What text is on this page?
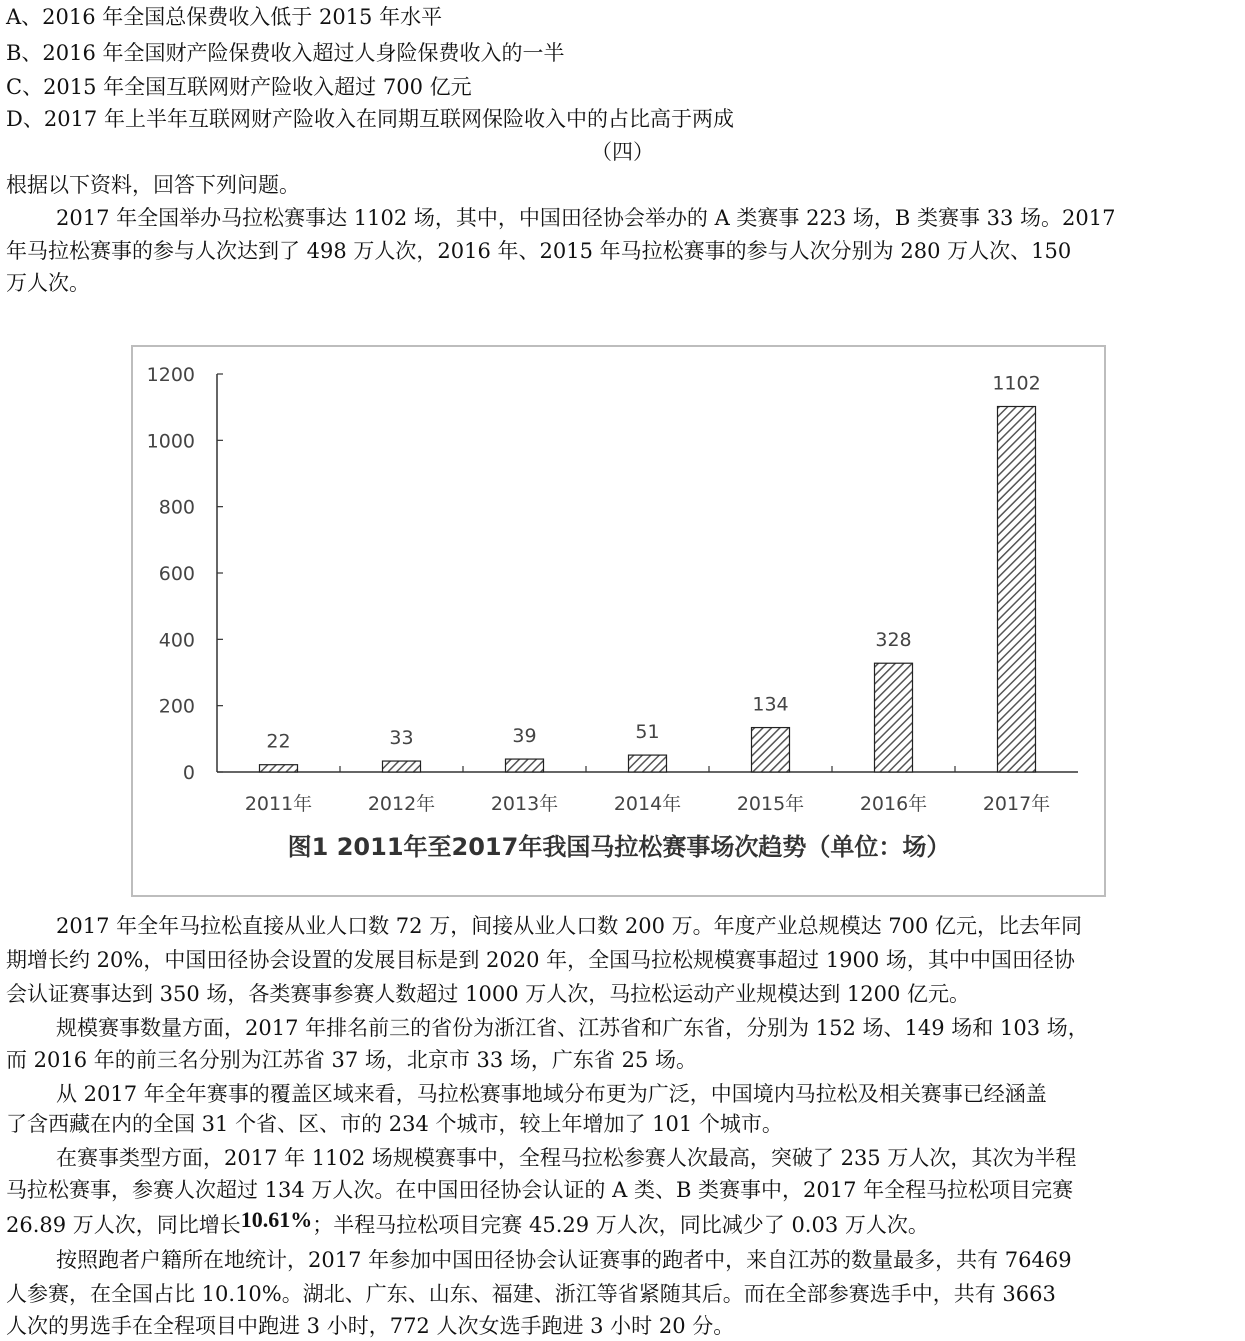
A、2016 年全国总保费收入低于 2015 年水平
B、2016 年全国财产险保费收入超过人身险保费收入的一半
C、2015 年全国互联网财产险收入超过 700 亿元
D、2017 年上半年互联网财产险收入在同期互联网保险收入中的占比高于两成
（四）
根据以下资料，回答下列问题。
2017 年全国举办马拉松赛事达 1102 场，其中，中国田径协会举办的 A 类赛事 223 场，B 类赛事 33 场。2017
年马拉松赛事的参与人次达到了 498 万人次，2016 年、2015 年马拉松赛事的参与人次分别为 280 万人次、150
万人次。
0
200
400
600
800
1000
1200
22
2011年
33
2012年
39
2013年
51
2014年
134
2015年
328
2016年
1102
2017年
图1 2011年至2017年我国马拉松赛事场次趋势（单位：场）
2017 年全年马拉松直接从业人口数 72 万，间接从业人口数 200 万。年度产业总规模达 700 亿元，比去年同
期增长约 20%，中国田径协会设置的发展目标是到 2020 年，全国马拉松规模赛事超过 1900 场，其中中国田径协
会认证赛事达到 350 场，各类赛事参赛人数超过 1000 万人次，马拉松运动产业规模达到 1200 亿元。
规模赛事数量方面，2017 年排名前三的省份为浙江省、江苏省和广东省，分别为 152 场、149 场和 103 场，
而 2016 年的前三名分别为江苏省 37 场，北京市 33 场，广东省 25 场。
从 2017 年全年赛事的覆盖区域来看，马拉松赛事地域分布更为广泛，中国境内马拉松及相关赛事已经涵盖
了含西藏在内的全国 31 个省、区、市的 234 个城市，较上年增加了 101 个城市。
在赛事类型方面，2017 年 1102 场规模赛事中，全程马拉松参赛人次最高，突破了 235 万人次，其次为半程
马拉松赛事，参赛人次超过 134 万人次。在中国田径协会认证的 A 类、B 类赛事中，2017 年全程马拉松项目完赛
26.89 万人次，同比增长10.61%；半程马拉松项目完赛 45.29 万人次，同比减少了 0.03 万人次。
按照跑者户籍所在地统计，2017 年参加中国田径协会认证赛事的跑者中，来自江苏的数量最多，共有 76469
人参赛，在全国占比 10.10%。湖北、广东、山东、福建、浙江等省紧随其后。而在全部参赛选手中，共有 3663
人次的男选手在全程项目中跑进 3 小时，772 人次女选手跑进 3 小时 20 分。
